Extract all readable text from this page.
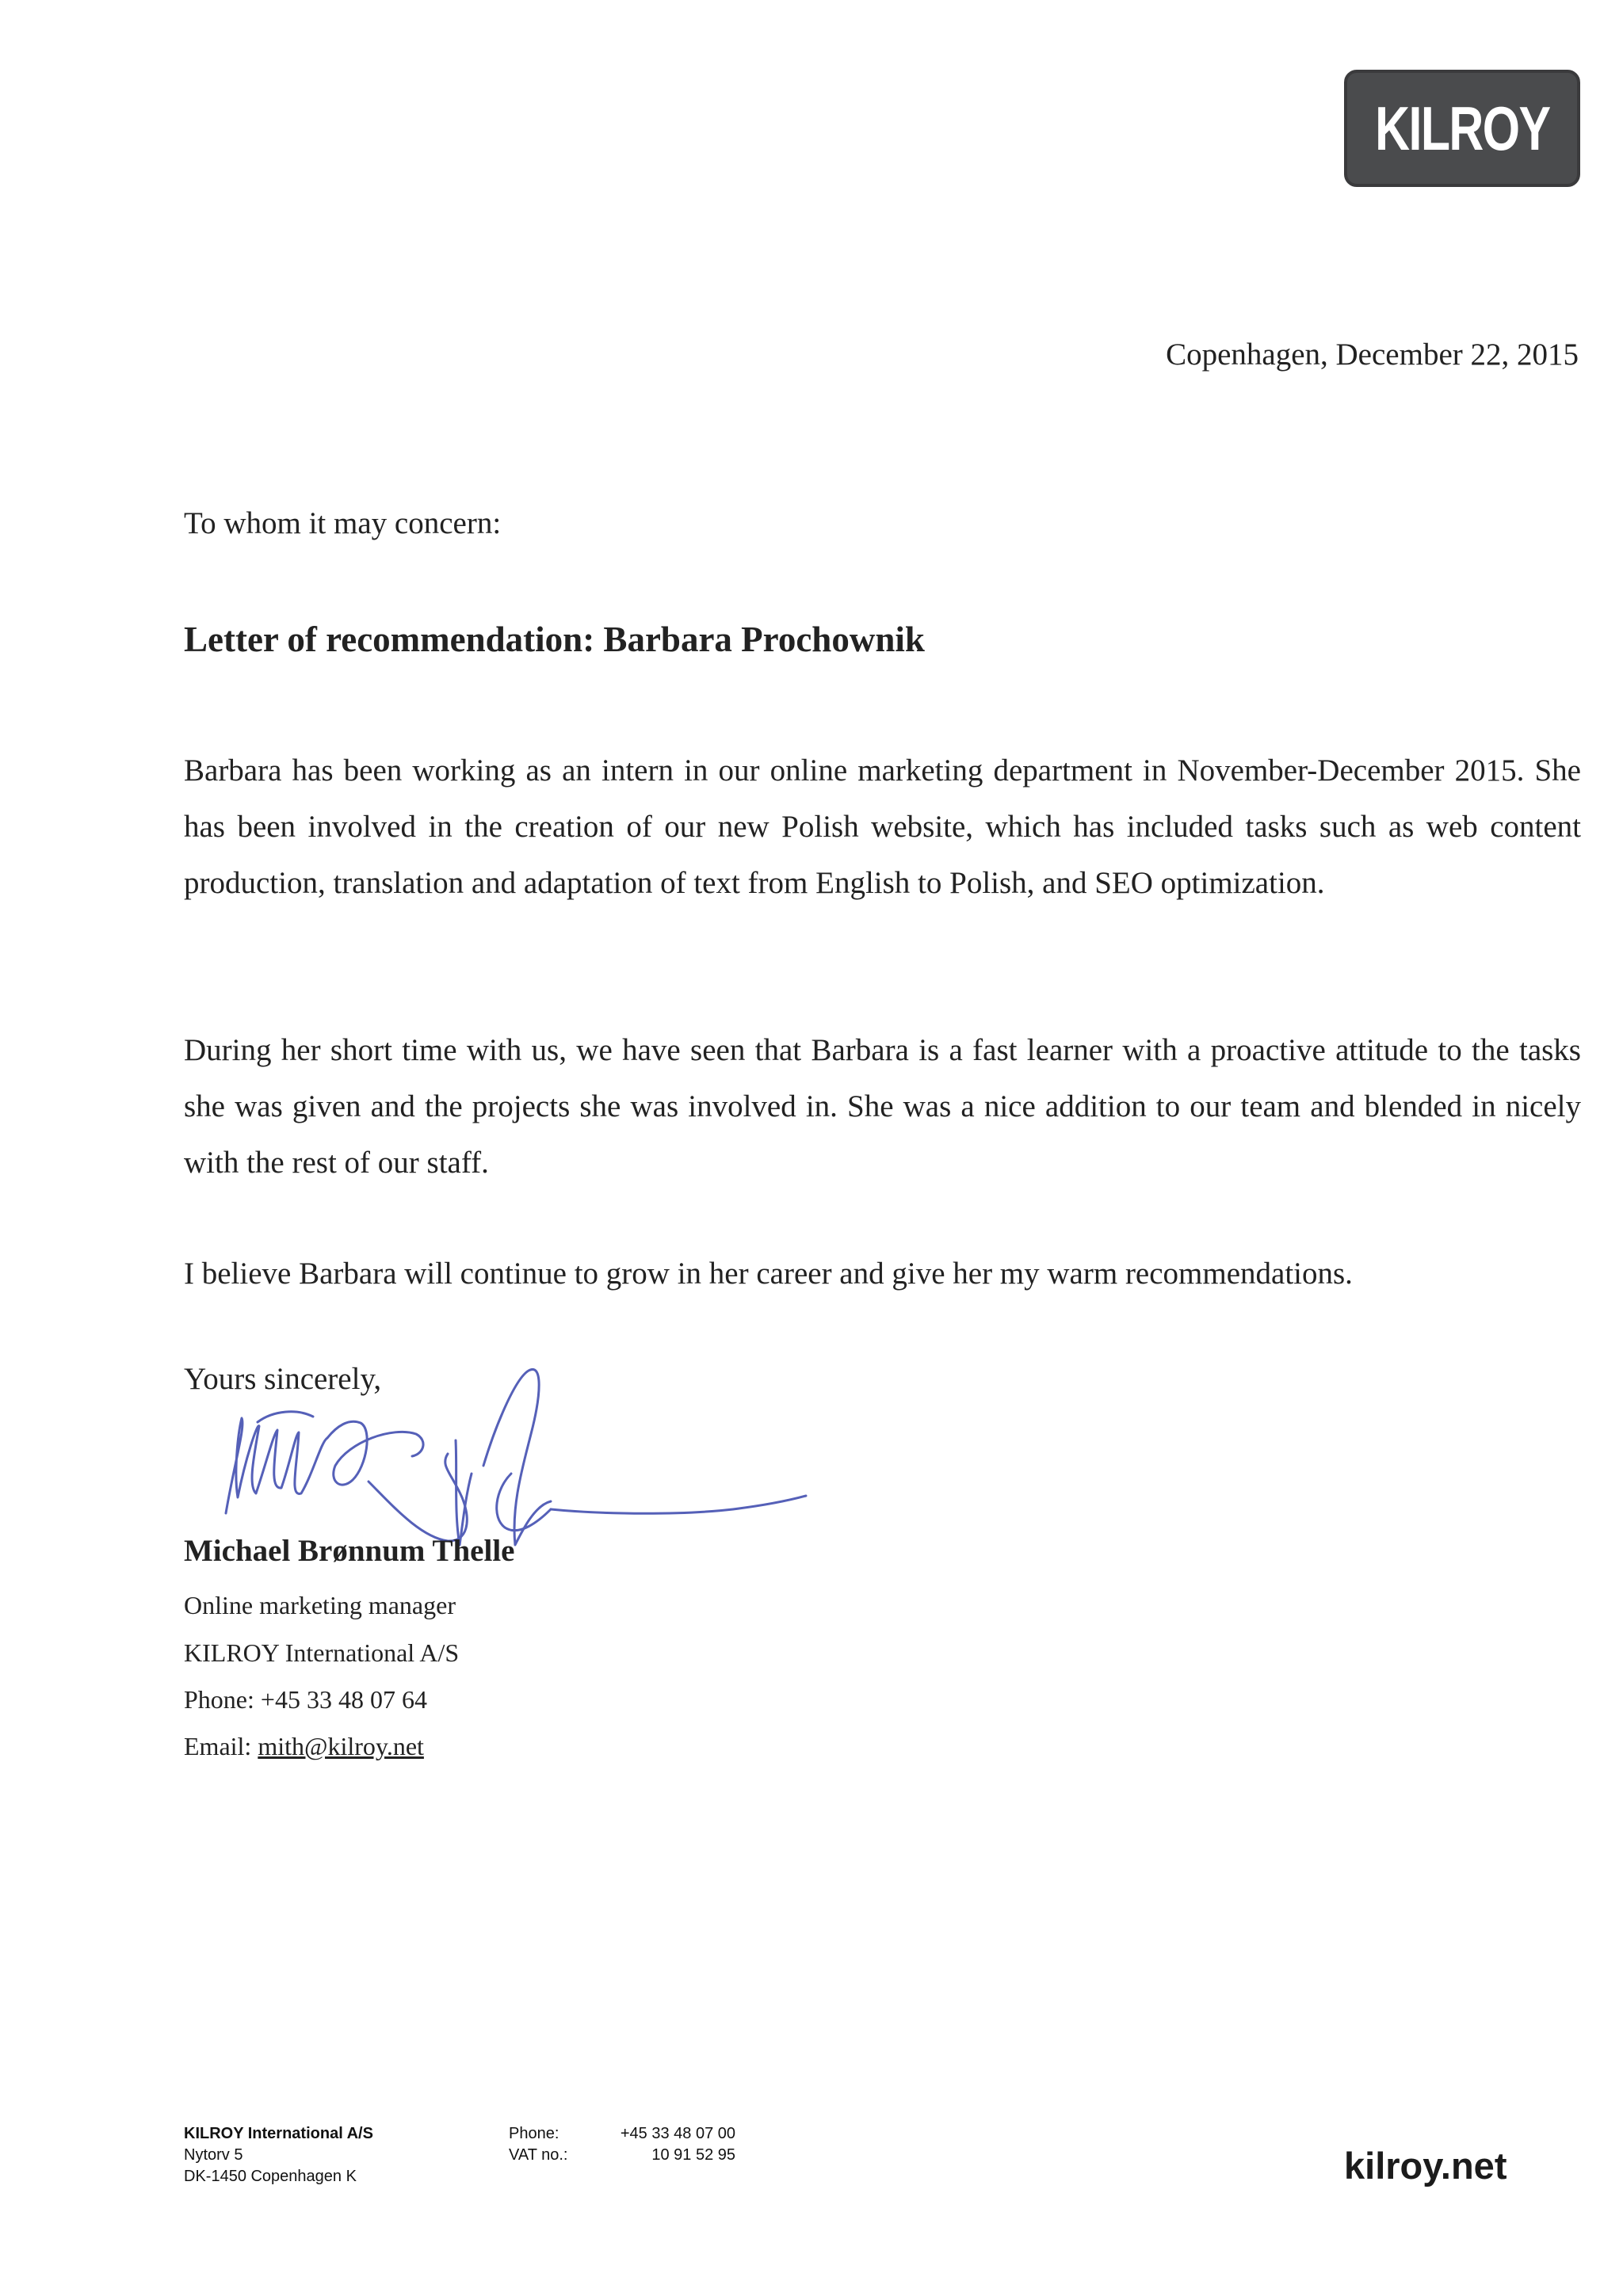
KILROY
Copenhagen, December 22, 2015
To whom it may concern:
Letter of recommendation: Barbara Prochownik
Barbara has been working as an intern in our online marketing department in November-December 2015. She has been involved in the creation of our new Polish website, which has included tasks such as web content production, translation and adaptation of text from English to Polish, and SEO optimization.
During her short time with us, we have seen that Barbara is a fast learner with a proactive attitude to the tasks she was given and the projects she was involved in. She was a nice addition to our team and blended in nicely with the rest of our staff.
I believe Barbara will continue to grow in her career and give her my warm recommendations.
Yours sincerely,
Michael Brønnum Thelle
Online marketing manager
KILROY International A/S
Phone: +45 33 48 07 64
Email: mith@kilroy.net
KILROY International A/S
Nytorv 5
DK-1450 Copenhagen K
Phone:	+45 33 48 07 00
VAT no.:	10 91 52 95	kilroy.net
